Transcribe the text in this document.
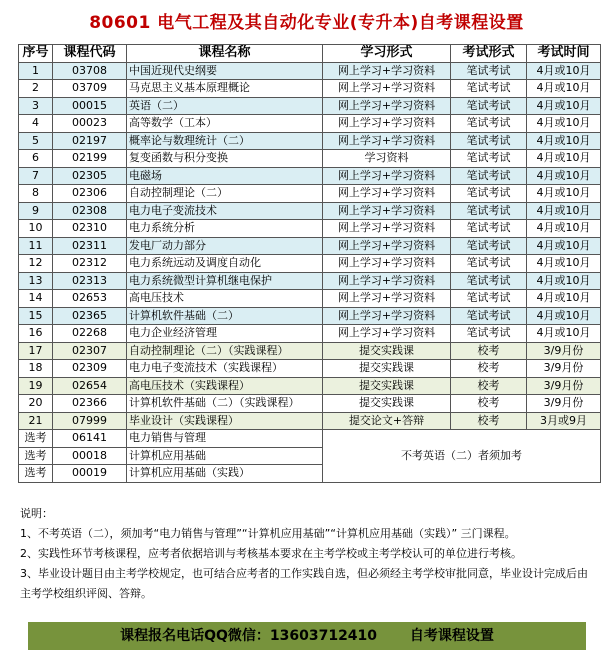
80601 电气工程及其自动化专业(专升本)自考课程设置
序号	课程代码	课程名称	学习形式	考试形式	考试时间
1	03708	中国近现代史纲要	网上学习+学习资料	笔试考试	4月或10月
2	03709	马克思主义基本原理概论	网上学习+学习资料	笔试考试	4月或10月
3	00015	英语（二）	网上学习+学习资料	笔试考试	4月或10月
4	00023	高等数学（工本）	网上学习+学习资料	笔试考试	4月或10月
5	02197	概率论与数理统计（二）	网上学习+学习资料	笔试考试	4月或10月
6	02199	复变函数与积分变换	学习资料	笔试考试	4月或10月
7	02305	电磁场	网上学习+学习资料	笔试考试	4月或10月
8	02306	自动控制理论（二）	网上学习+学习资料	笔试考试	4月或10月
9	02308	电力电子变流技术	网上学习+学习资料	笔试考试	4月或10月
10	02310	电力系统分析	网上学习+学习资料	笔试考试	4月或10月
11	02311	发电厂动力部分	网上学习+学习资料	笔试考试	4月或10月
12	02312	电力系统远动及调度自动化	网上学习+学习资料	笔试考试	4月或10月
13	02313	电力系统微型计算机继电保护	网上学习+学习资料	笔试考试	4月或10月
14	02653	高电压技术	网上学习+学习资料	笔试考试	4月或10月
15	02365	计算机软件基础（二）	网上学习+学习资料	笔试考试	4月或10月
16	02268	电力企业经济管理	网上学习+学习资料	笔试考试	4月或10月
17	02307	自动控制理论（二）（实践课程）	提交实践课	校考	3/9月份
18	02309	电力电子变流技术（实践课程）	提交实践课	校考	3/9月份
19	02654	高电压技术（实践课程）	提交实践课	校考	3/9月份
20	02366	计算机软件基础（二）（实践课程）	提交实践课	校考	3/9月份
21	07999	毕业设计（实践课程）	提交论文+答辩	校考	3月或9月
选考	06141	电力销售与管理	不考英语（二）者须加考		
选考	00018	计算机应用基础			
选考	00019	计算机应用基础（实践）			

说明：

1、不考英语（二），须加考“电力销售与管理”“计算机应用基础”“计算机应用基础（实践）” 三门课程。

2、实践性环节考核课程，应考者依据培训与考核基本要求在主考学校或主考学校认可的单位进行考核。

3、毕业设计题目由主考学校规定，也可结合应考者的工作实践自选，但必须经主考学校审批同意，毕业设计完成后由主考学校组织评阅、答辩。

课程报名电话QQ微信：13603712410 自考课程设置
